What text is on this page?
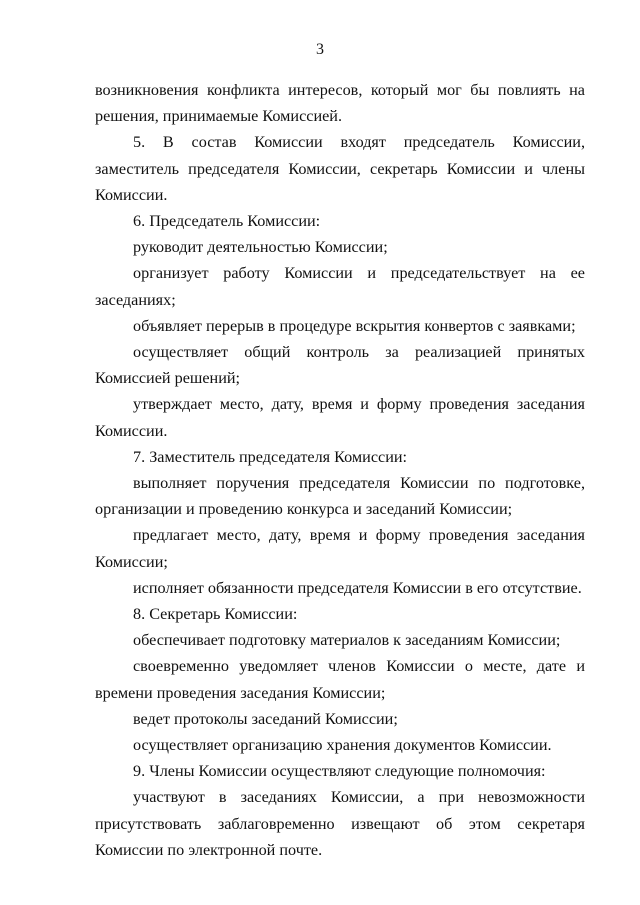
3

возникновения конфликта интересов, который мог бы повлиять на решения, принимаемые Комиссией.

5. В состав Комиссии входят председатель Комиссии, заместитель председателя Комиссии, секретарь Комиссии и члены Комиссии.

6. Председатель Комиссии:

руководит деятельностью Комиссии;

организует работу Комиссии и председательствует на ее заседаниях;

объявляет перерыв в процедуре вскрытия конвертов с заявками;

осуществляет общий контроль за реализацией принятых Комиссией решений;

утверждает место, дату, время и форму проведения заседания Комиссии.

7. Заместитель председателя Комиссии:

выполняет поручения председателя Комиссии по подготовке, организации и проведению конкурса и заседаний Комиссии;

предлагает место, дату, время и форму проведения заседания Комиссии;

исполняет обязанности председателя Комиссии в его отсутствие.

8. Секретарь Комиссии:

обеспечивает подготовку материалов к заседаниям Комиссии;

своевременно уведомляет членов Комиссии о месте, дате и времени проведения заседания Комиссии;

ведет протоколы заседаний Комиссии;

осуществляет организацию хранения документов Комиссии.

9. Члены Комиссии осуществляют следующие полномочия:

участвуют в заседаниях Комиссии, а при невозможности присутствовать заблаговременно извещают об этом секретаря Комиссии по электронной почте.
